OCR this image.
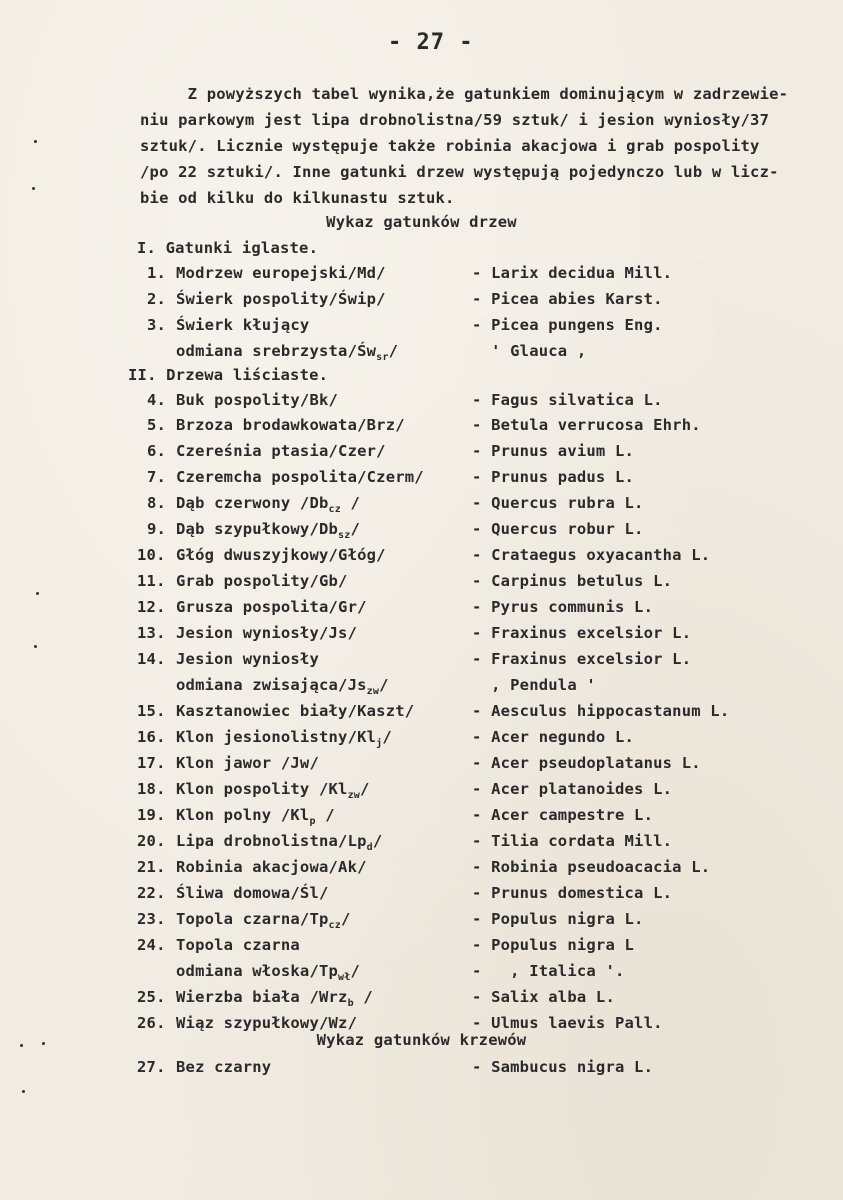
- 27 -
Z powyższych tabel wynika,że gatunkiem dominującym w zadrzewie-
niu parkowym jest lipa drobnolistna/59 sztuk/ i jesion wyniosły/37
sztuk/. Licznie występuje także robinia akacjowa i grab pospolity
/po 22 sztuki/. Inne gatunki drzew występują pojedynczo lub w licz-
bie od kilku do kilkunastu sztuk.
Wykaz gatunków drzew
I. Gatunki iglaste.
II. Drzewa liściaste.
1. Modrzew europejski/Md/	- Larix decidua Mill.
2. Świerk pospolity/Świp/	- Picea abies Karst.
3. Świerk kłujący	- Picea pungens Eng.
odmiana srebrzysta/$Św_{sr}/$	' Glauca ,
4. Buk pospolity/Bk/	- Fagus silvatica L.
5. Brzoza brodawkowata/Brz/	- Betula verrucosa Ehrh.
6. Czereśnia ptasia/Czer/	- Prunus avium L.
7. Czeremcha pospolita/Czerm/	- Prunus padus L.
8. Dąb czerwony $/Db_{cz}$ /	- Quercus rubra L.
9. Dąb szypułkowy/$Db_{sz}/$	- Quercus robur L.
10. Głóg dwuszyjkowy/Głóg/	- Crataegus oxyacantha L.
11. Grab pospolity/Gb/	- Carpinus betulus L.
12. Grusza pospolita/Gr/	- Pyrus communis L.
13. Jesion wyniosły/Js/	- Fraxinus excelsior L.
14. Jesion wyniosły	- Fraxinus excelsior L.
odmiana zwisająca/$Js_{zw}/$	, Pendula '
15. Kasztanowiec biały/Kaszt/	- Aesculus hippocastanum L.
16. Klon jesionolistny/$Kl_j/$	- Acer negundo L.
17. Klon jawor /Jw/	- Acer pseudoplatanus L.
18. Klon pospolity $/Kl_{zw}/$	- Acer platanoides L.
19. Klon polny $/Kl_p$ /	- Acer campestre L.
20. Lipa drobnolistna/$Lp_d/$	- Tilia cordata Mill.
21. Robinia akacjowa/Ak/	- Robinia pseudoacacia L.
22. Śliwa domowa/Śl/	- Prunus domestica L.
23. Topola czarna/$Tp_{cz}/$	- Populus nigra L.
24. Topola czarna	- Populus nigra L
odmiana włoska/$Tp_{wł}/$	-   , Italica '.
25. Wierzba biała /Wrz$_b$ /	- Salix alba L.
26. Wiąz szypułkowy/Wz/	- Ulmus laevis Pall.
27. Bez czarny	- Sambucus nigra L.
Wykaz gatunków krzewów
